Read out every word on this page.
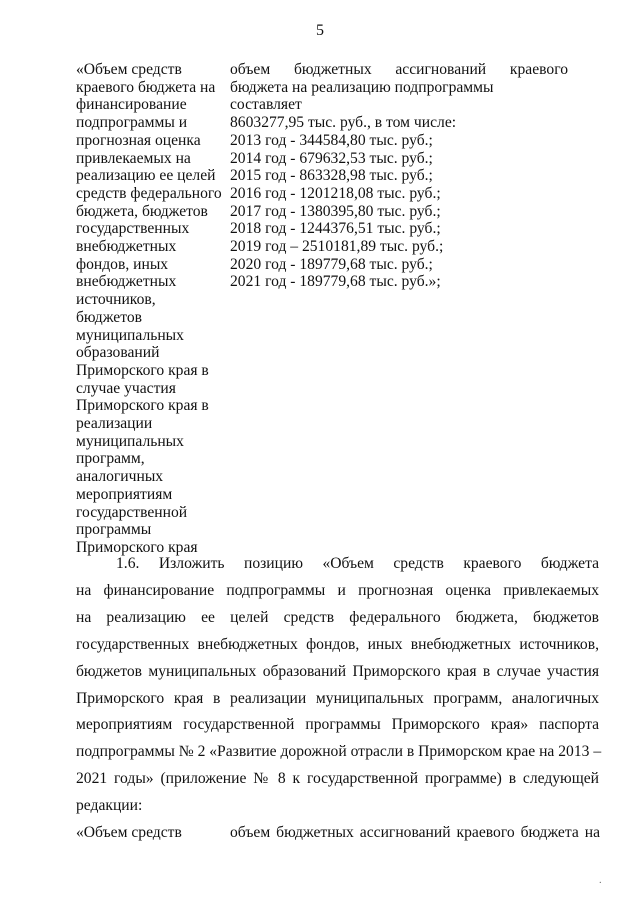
5
«Объем средств
краевого бюджета на
финансирование
подпрограммы и
прогнозная оценка
привлекаемых на
реализацию ее целей
средств федерального
бюджета, бюджетов
государственных
внебюджетных
фондов, иных
внебюджетных
источников,
бюджетов
муниципальных
образований
Приморского края в
случае участия
Приморского края в
реализации
муниципальных
программ,
аналогичных
мероприятиям
государственной
программы
Приморского края
объем бюджетных ассигнований краевого
бюджета на реализацию подпрограммы составляет
8603277,95 тыс. руб., в том числе:
2013 год - 344584,80 тыс. руб.;
2014 год - 679632,53 тыс. руб.;
2015 год - 863328,98 тыс. руб.;
2016 год - 1201218,08 тыс. руб.;
2017 год - 1380395,80 тыс. руб.;
2018 год - 1244376,51 тыс. руб.;
2019 год – 2510181,89 тыс. руб.;
2020 год - 189779,68 тыс. руб.;
2021 год - 189779,68 тыс. руб.»;
1.6. Изложить позицию «Объем средств краевого бюджета
на финансирование подпрограммы и прогнозная оценка привлекаемых
на реализацию ее целей средств федерального бюджета, бюджетов
государственных внебюджетных фондов, иных внебюджетных источников,
бюджетов муниципальных образований Приморского края в случае участия
Приморского края в реализации муниципальных программ, аналогичных
мероприятиям государственной программы Приморского края» паспорта
подпрограммы № 2 «Развитие дорожной отрасли в Приморском крае на 2013 –
2021 годы» (приложение № 8 к государственной программе) в следующей
редакции:
«Объем средств	объем бюджетных ассигнований краевого бюджета на
·
